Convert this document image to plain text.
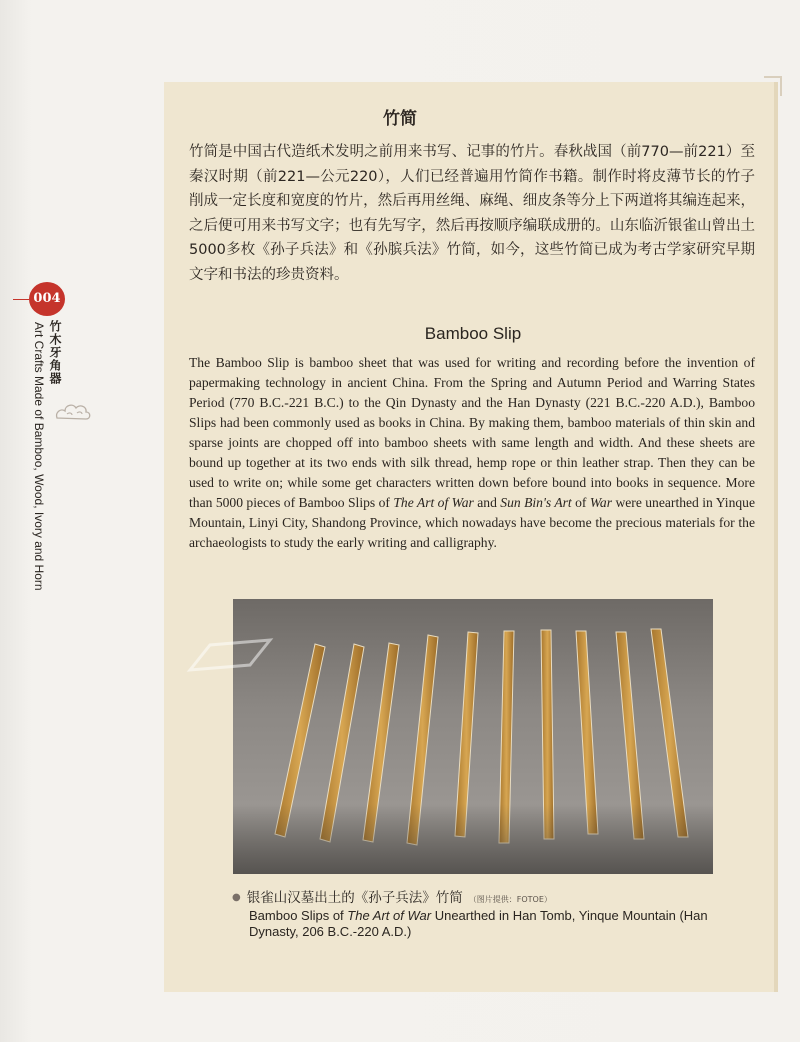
004
竹木牙角器
Art Crafts Made of Bamboo, Wood, Ivory and Horn
竹简
竹简是中国古代造纸术发明之前用来书写、记事的竹片。春秋战国（前770—前221）至秦汉时期（前221—公元220），人们已经普遍用竹简作书籍。制作时将皮薄节长的竹子削成一定长度和宽度的竹片，然后再用丝绳、麻绳、细皮条等分上下两道将其编连起来，之后便可用来书写文字；也有先写字，然后再按顺序编联成册的。山东临沂银雀山曾出土5000多枚《孙子兵法》和《孙膑兵法》竹简，如今，这些竹简已成为考古学家研究早期文字和书法的珍贵资料。
Bamboo Slip
The Bamboo Slip is bamboo sheet that was used for writing and recording before the invention of papermaking technology in ancient China. From the Spring and Autumn Period and Warring States Period (770 B.C.-221 B.C.) to the Qin Dynasty and the Han Dynasty (221 B.C.-220 A.D.), Bamboo Slips had been commonly used as books in China. By making them, bamboo materials of thin skin and sparse joints are chopped off into bamboo sheets with same length and width. And these sheets are bound up together at its two ends with silk thread, hemp rope or thin leather strap. Then they can be used to write on; while some get characters written down before bound into books in sequence. More than 5000 pieces of Bamboo Slips of The Art of War and Sun Bin's Art of War were unearthed in Yinque Mountain, Linyi City, Shandong Province, which nowadays have become the precious materials for the archaeologists to study the early writing and calligraphy.
● 银雀山汉墓出土的《孙子兵法》竹简 （图片提供：FOTOE）
Bamboo Slips of The Art of War Unearthed in Han Tomb, Yinque Mountain (Han Dynasty, 206 B.C.-220 A.D.)
